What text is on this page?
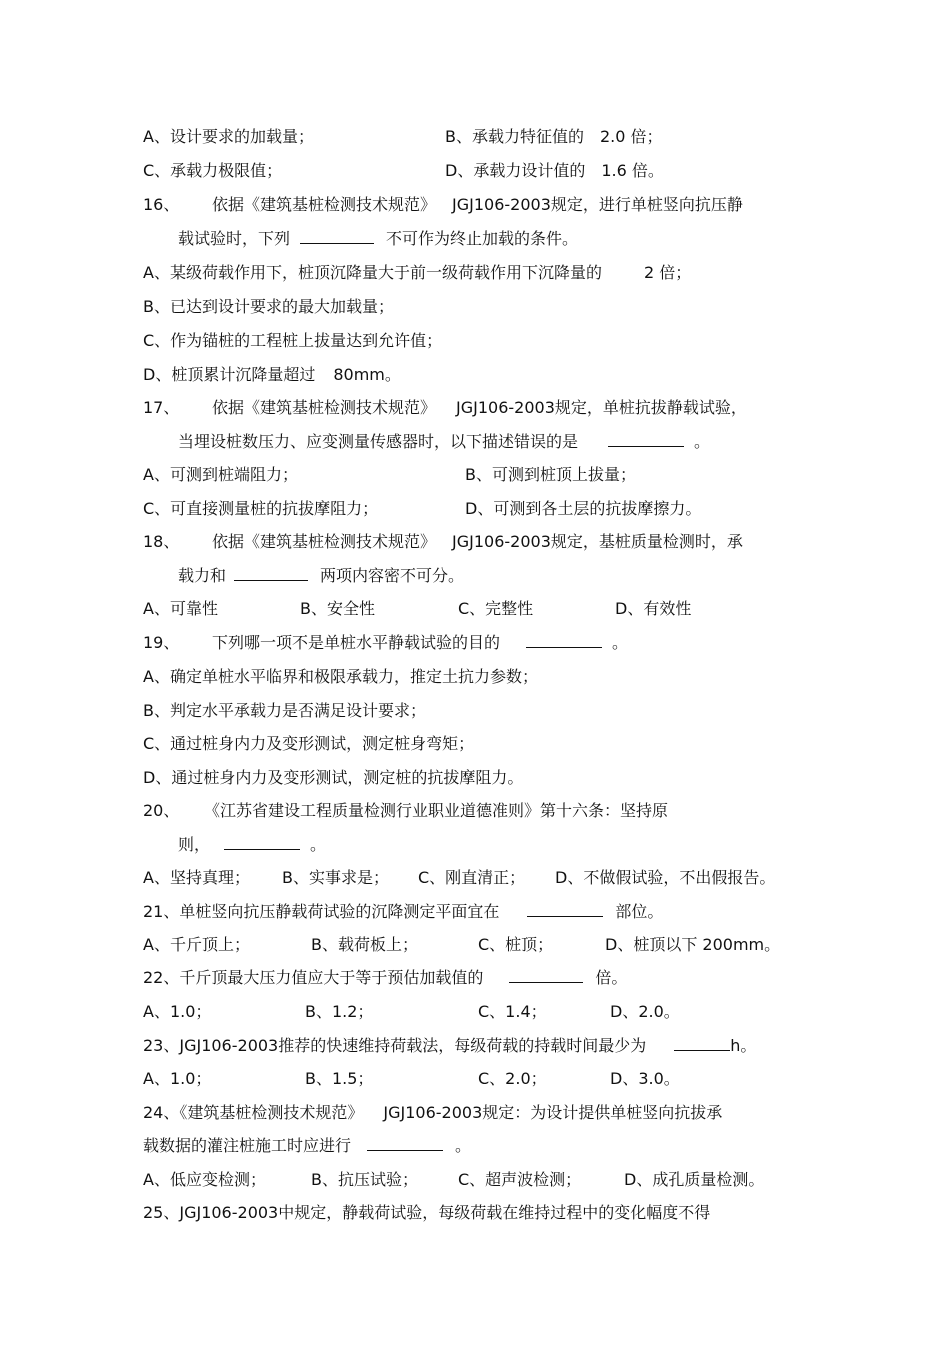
A、设计要求的加载量；	B、承载力特征值的 2.0 倍；
C、承载力极限值；	D、承载力设计值的 1.6 倍。
16、 依据《建筑基桩检测技术规范》 JGJ106-2003规定，进行单桩竖向抗压静
载试验时，下列	不可作为终止加载的条件。
A、某级荷载作用下，桩顶沉降量大于前一级荷载作用下沉降量的	2 倍；
B、已达到设计要求的最大加载量；
C、作为锚桩的工程桩上拔量达到允许值；
D、桩顶累计沉降量超过 80mm。
17、 依据《建筑基桩检测技术规范》 JGJ106-2003规定，单桩抗拔静载试验，
当埋设桩数压力、应变测量传感器时，以下描述错误的是	。
A、可测到桩端阻力；	B、可测到桩顶上拔量；
C、可直接测量桩的抗拔摩阻力；	D、可测到各土层的抗拔摩擦力。
18、 依据《建筑基桩检测技术规范》 JGJ106-2003规定，基桩质量检测时，承
载力和	两项内容密不可分。
A、可靠性	B、安全性	C、完整性	D、有效性
19、 下列哪一项不是单桩水平静载试验的目的	。
A、确定单桩水平临界和极限承载力，推定土抗力参数；
B、判定水平承载力是否满足设计要求；
C、通过桩身内力及变形测试，测定桩身弯矩；
D、通过桩身内力及变形测试，测定桩的抗拔摩阻力。
20、 《江苏省建设工程质量检测行业职业道德准则》第十六条：坚持原
则，	。
A、坚持真理； B、实事求是； C、刚直清正； D、不做假试验，不出假报告。
21、单桩竖向抗压静载荷试验的沉降测定平面宜在	部位。
A、千斤顶上；	B、载荷板上；	C、桩顶；	D、桩顶以下 200mm。
22、千斤顶最大压力值应大于等于预估加载值的	倍。
A、1.0；	B、1.2；	C、1.4；	D、2.0。
23、JGJ106-2003推荐的快速维持荷载法，每级荷载的持载时间最少为	h。
A、1.0；	B、1.5；	C、2.0；	D、3.0。
24、《建筑基桩检测技术规范》 JGJ106-2003规定：为设计提供单桩竖向抗拔承
载数据的灌注桩施工时应进行	。
A、低应变检测；	B、抗压试验；	C、超声波检测；	D、成孔质量检测。
25、JGJ106-2003中规定，静载荷试验，每级荷载在维持过程中的变化幅度不得
